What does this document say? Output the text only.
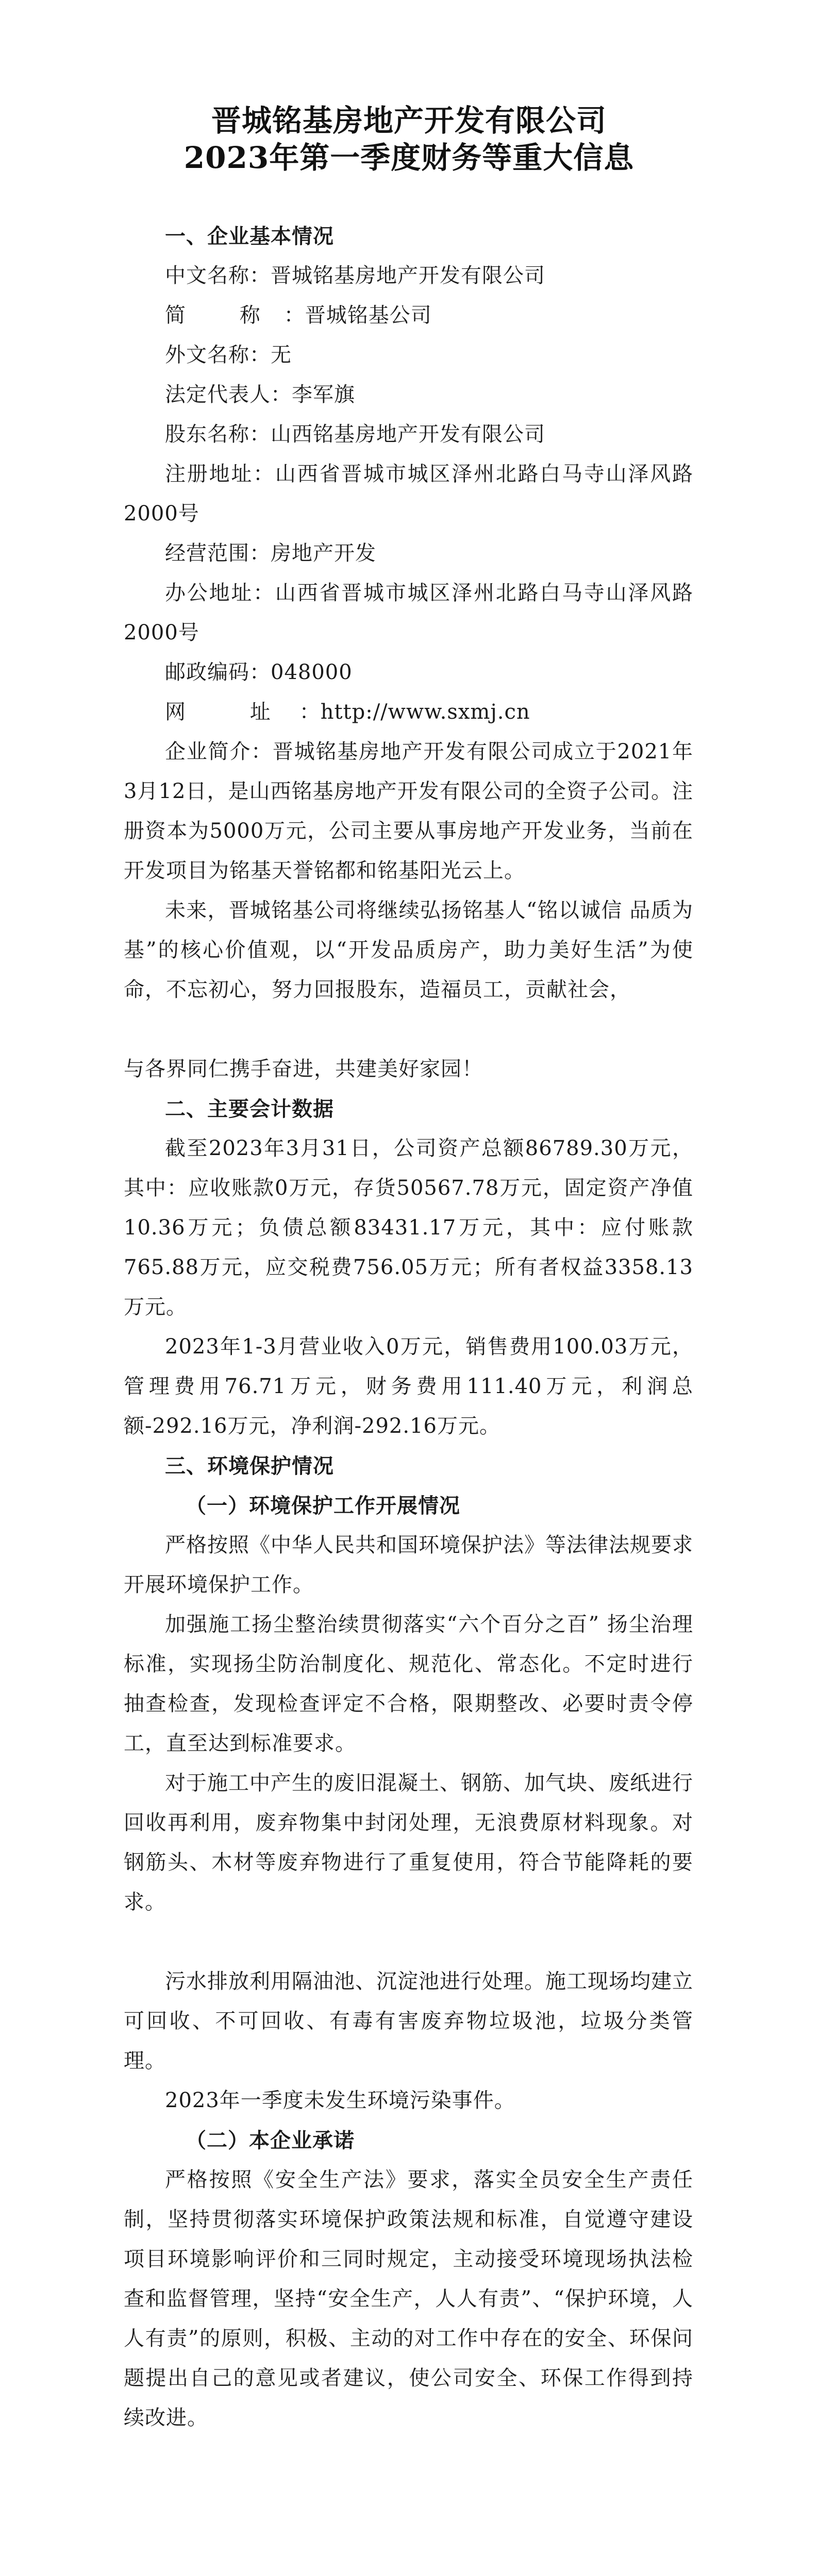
晋城铭基房地产开发有限公司
2023年第一季度财务等重大信息

一、企业基本情况

中文名称：晋城铭基房地产开发有限公司

简 称：晋城铭基公司

外文名称：无

法定代表人：李军旗

股东名称：山西铭基房地产开发有限公司

注册地址：山西省晋城市城区泽州北路白马寺山泽风路2000号

经营范围：房地产开发

办公地址：山西省晋城市城区泽州北路白马寺山泽风路2000号

邮政编码：048000

网 址：http://www.sxmj.cn

企业简介：晋城铭基房地产开发有限公司成立于2021年3月12日，是山西铭基房地产开发有限公司的全资子公司。注册资本为5000万元，公司主要从事房地产开发业务，当前在开发项目为铭基天誉铭都和铭基阳光云上。

未来，晋城铭基公司将继续弘扬铭基人“铭以诚信 品质为基”的核心价值观，以“开发品质房产，助力美好生活”为使命，不忘初心，努力回报股东，造福员工，贡献社会，

与各界同仁携手奋进，共建美好家园！

二、主要会计数据

截至2023年3月31日，公司资产总额86789.30万元，其中：应收账款0万元，存货50567.78万元，固定资产净值10.36万元；负债总额83431.17万元，其中：应付账款765.88万元，应交税费756.05万元；所有者权益3358.13万元。

2023年1-3月营业收入0万元，销售费用100.03万元，管理费用76.71万元，财务费用111.40万元，利润总额-292.16万元，净利润-292.16万元。

三、环境保护情况

（一）环境保护工作开展情况

严格按照《中华人民共和国环境保护法》等法律法规要求开展环境保护工作。

加强施工扬尘整治续贯彻落实“六个百分之百” 扬尘治理标准，实现扬尘防治制度化、规范化、常态化。不定时进行抽查检查，发现检查评定不合格，限期整改、必要时责令停工，直至达到标准要求。

对于施工中产生的废旧混凝土、钢筋、加气块、废纸进行回收再利用，废弃物集中封闭处理，无浪费原材料现象。对钢筋头、木材等废弃物进行了重复使用，符合节能降耗的要求。

污水排放利用隔油池、沉淀池进行处理。施工现场均建立可回收、不可回收、有毒有害废弃物垃圾池，垃圾分类管理。

2023年一季度未发生环境污染事件。

（二）本企业承诺

严格按照《安全生产法》要求，落实全员安全生产责任制，坚持贯彻落实环境保护政策法规和标准，自觉遵守建设项目环境影响评价和三同时规定，主动接受环境现场执法检查和监督管理，坚持“安全生产，人人有责”、“保护环境，人人有责”的原则，积极、主动的对工作中存在的安全、环保问题提出自己的意见或者建议，使公司安全、环保工作得到持续改进。
